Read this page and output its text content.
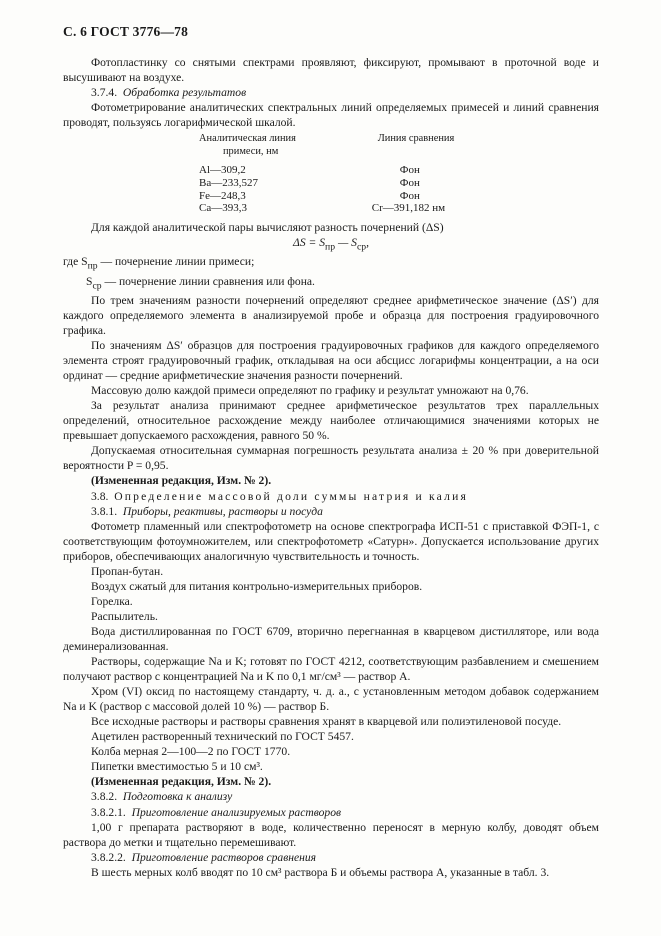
С. 6 ГОСТ 3776—78

Фотопластинку со снятыми спектрами проявляют, фиксируют, промывают в проточной воде и высушивают на воздухе.

3.7.4. Обработка результатов

Фотометрирование аналитических спектральных линий определяемых примесей и линий сравнения проводят, пользуясь логарифмической шкалой.

Аналитическая линия
примеси, нм	Линия сравнения

Al—309,2	Фон
Ba—233,527	Фон
Fe—248,3	Фон
Ca—393,3	Cr—391,182 нм

Для каждой аналитической пары вычисляют разность почернений (ΔS)

$\Delta S = S_{пр}$ — $S_{ср}$,

где $S_{пр}$ — почернение линии примеси;

$S_{ср}$ — почернение линии сравнения или фона.

По трем значениям разности почернений определяют среднее арифметическое значение (ΔS′) для каждого определяемого элемента в анализируемой пробе и образца для построения градуировочного графика.

По значениям ΔS′ образцов для построения градуировочных графиков для каждого определяемого элемента строят градуировочный график, откладывая на оси абсцисс логарифмы концентрации, а на оси ординат — средние арифметические значения разности почернений.

Массовую долю каждой примеси определяют по графику и результат умножают на 0,76.

За результат анализа принимают среднее арифметическое результатов трех параллельных определений, относительное расхождение между наиболее отличающимися значениями которых не превышает допускаемого расхождения, равного 50 %.

Допускаемая относительная суммарная погрешность результата анализа ± 20 % при доверительной вероятности P = 0,95.

(Измененная редакция, Изм. № 2).

3.8. Определение массовой доли суммы натрия и калия

3.8.1. Приборы, реактивы, растворы и посуда

Фотометр пламенный или спектрофотометр на основе спектрографа ИСП-51 с приставкой ФЭП-1, с соответствующим фотоумножителем, или спектрофотометр «Сатурн». Допускается использование других приборов, обеспечивающих аналогичную чувствительность и точность.

Пропан-бутан.

Воздух сжатый для питания контрольно-измерительных приборов.

Горелка.

Распылитель.

Вода дистиллированная по ГОСТ 6709, вторично перегнанная в кварцевом дистилляторе, или вода деминерализованная.

Растворы, содержащие Na и K; готовят по ГОСТ 4212, соответствующим разбавлением и смешением получают раствор с концентрацией Na и K по 0,1 мг/см³ — раствор А.

Хром (VI) оксид по настоящему стандарту, ч. д. а., с установленным методом добавок содержанием Na и K (раствор с массовой долей 10 %) — раствор Б.

Все исходные растворы и растворы сравнения хранят в кварцевой или полиэтиленовой посуде.

Ацетилен растворенный технический по ГОСТ 5457.

Колба мерная 2—100—2 по ГОСТ 1770.

Пипетки вместимостью 5 и 10 см³.

(Измененная редакция, Изм. № 2).

3.8.2. Подготовка к анализу

3.8.2.1. Приготовление анализируемых растворов

1,00 г препарата растворяют в воде, количественно переносят в мерную колбу, доводят объем раствора до метки и тщательно перемешивают.

3.8.2.2. Приготовление растворов сравнения

В шесть мерных колб вводят по 10 см³ раствора Б и объемы раствора А, указанные в табл. 3.
